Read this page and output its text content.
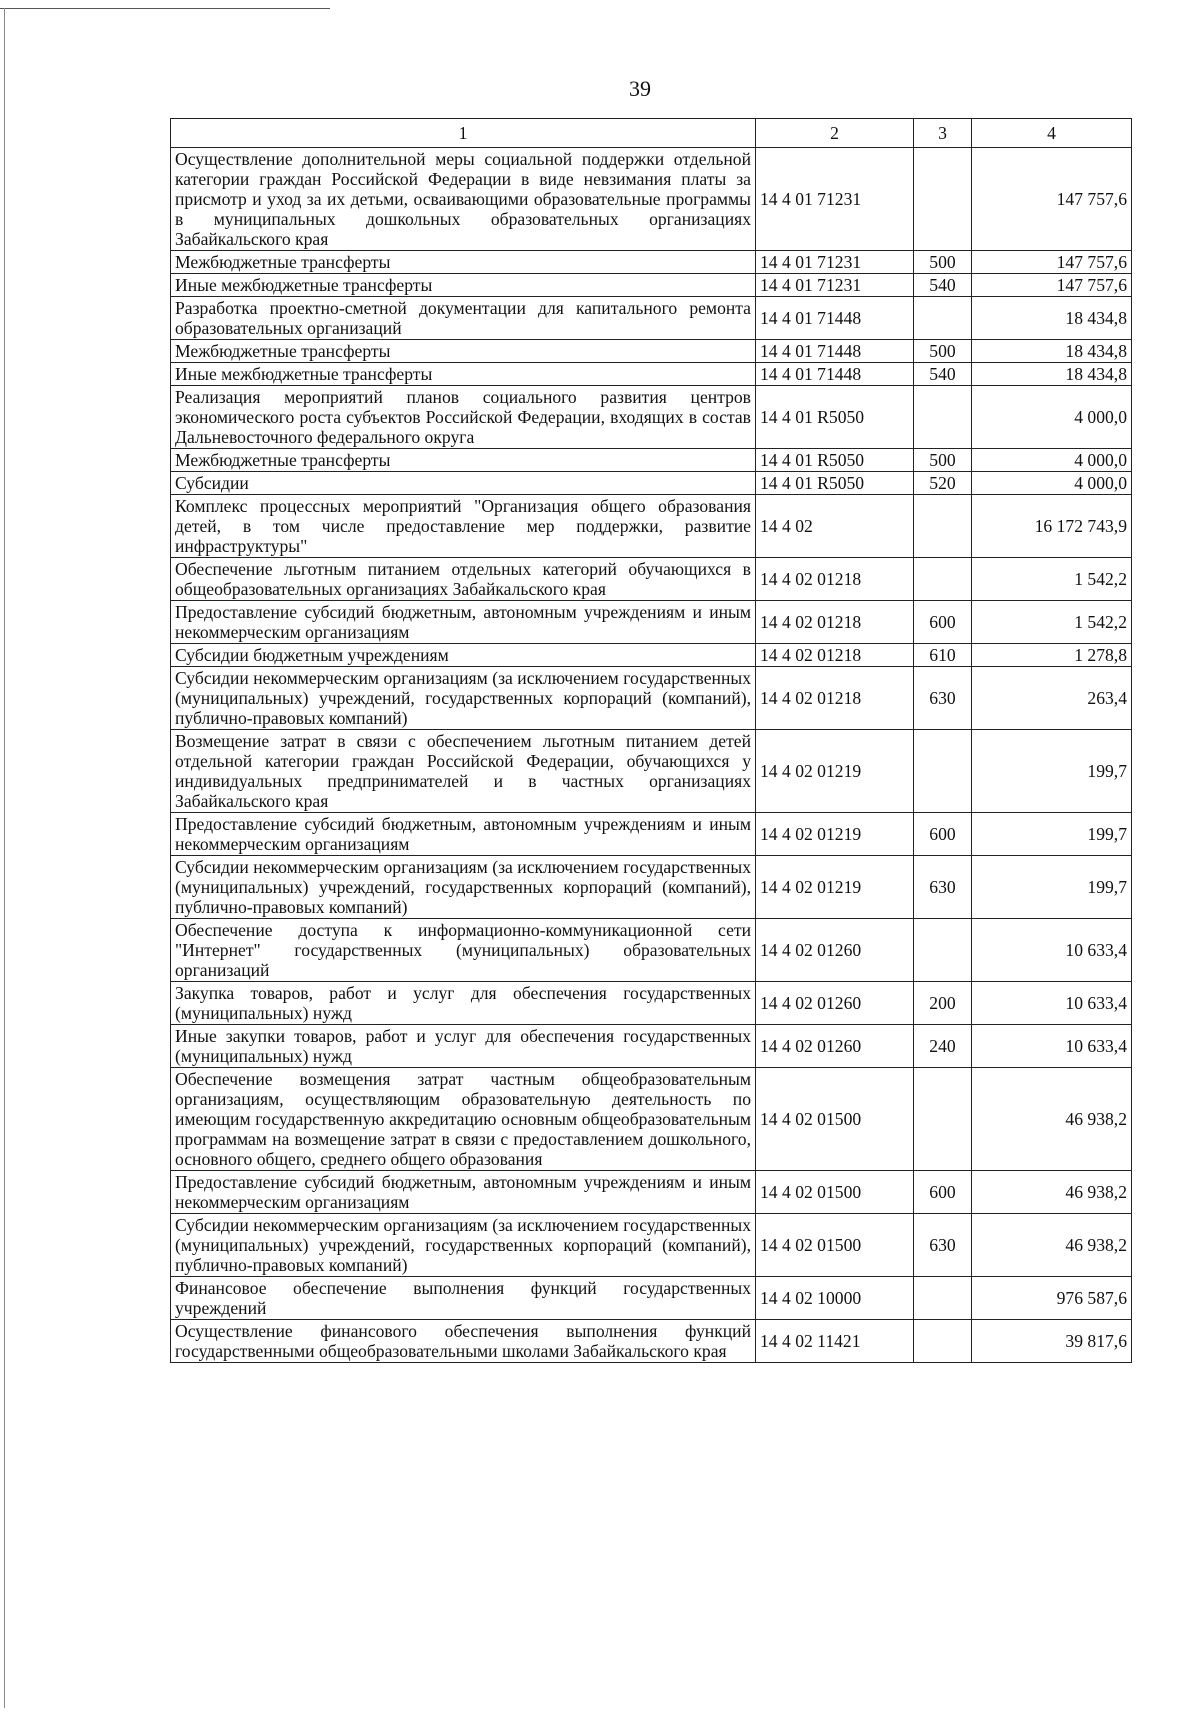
39
1	2	3	4
Осуществление дополнительной меры социальной поддержки отдельной категории граждан Российской Федерации в виде невзимания платы за присмотр и уход за их детьми, осваивающими образовательные программы в муниципальных дошкольных образовательных организациях Забайкальского края	14 4 01 71231		147 757,6
Межбюджетные трансферты	14 4 01 71231	500	147 757,6
Иные межбюджетные трансферты	14 4 01 71231	540	147 757,6
Разработка проектно-сметной документации для капитального ремонта образовательных организаций	14 4 01 71448		18 434,8
Межбюджетные трансферты	14 4 01 71448	500	18 434,8
Иные межбюджетные трансферты	14 4 01 71448	540	18 434,8
Реализация мероприятий планов социального развития центров экономического роста субъектов Российской Федерации, входящих в состав Дальневосточного федерального округа	14 4 01 R5050		4 000,0
Межбюджетные трансферты	14 4 01 R5050	500	4 000,0
Субсидии	14 4 01 R5050	520	4 000,0
Комплекс процессных мероприятий "Организация общего образования детей, в том числе предоставление мер поддержки, развитие инфраструктуры"	14 4 02		16 172 743,9
Обеспечение льготным питанием отдельных категорий обучающихся в общеобразовательных организациях Забайкальского края	14 4 02 01218		1 542,2
Предоставление субсидий бюджетным, автономным учреждениям и иным некоммерческим организациям	14 4 02 01218	600	1 542,2
Субсидии бюджетным учреждениям	14 4 02 01218	610	1 278,8
Субсидии некоммерческим организациям (за исключением государственных (муниципальных) учреждений, государственных корпораций (компаний), публично-правовых компаний)	14 4 02 01218	630	263,4
Возмещение затрат в связи с обеспечением льготным питанием детей отдельной категории граждан Российской Федерации, обучающихся у индивидуальных предпринимателей и в частных организациях Забайкальского края	14 4 02 01219		199,7
Предоставление субсидий бюджетным, автономным учреждениям и иным некоммерческим организациям	14 4 02 01219	600	199,7
Субсидии некоммерческим организациям (за исключением государственных (муниципальных) учреждений, государственных корпораций (компаний), публично-правовых компаний)	14 4 02 01219	630	199,7
Обеспечение доступа к информационно-коммуникационной сети "Интернет" государственных (муниципальных) образовательных организаций	14 4 02 01260		10 633,4
Закупка товаров, работ и услуг для обеспечения государственных (муниципальных) нужд	14 4 02 01260	200	10 633,4
Иные закупки товаров, работ и услуг для обеспечения государственных (муниципальных) нужд	14 4 02 01260	240	10 633,4
Обеспечение возмещения затрат частным общеобразовательным организациям, осуществляющим образовательную деятельность по имеющим государственную аккредитацию основным общеобразовательным программам на возмещение затрат в связи с предоставлением дошкольного, основного общего, среднего общего образования	14 4 02 01500		46 938,2
Предоставление субсидий бюджетным, автономным учреждениям и иным некоммерческим организациям	14 4 02 01500	600	46 938,2
Субсидии некоммерческим организациям (за исключением государственных (муниципальных) учреждений, государственных корпораций (компаний), публично-правовых компаний)	14 4 02 01500	630	46 938,2
Финансовое обеспечение выполнения функций государственных учреждений	14 4 02 10000		976 587,6
Осуществление финансового обеспечения выполнения функций государственными общеобразовательными школами Забайкальского края	14 4 02 11421		39 817,6
